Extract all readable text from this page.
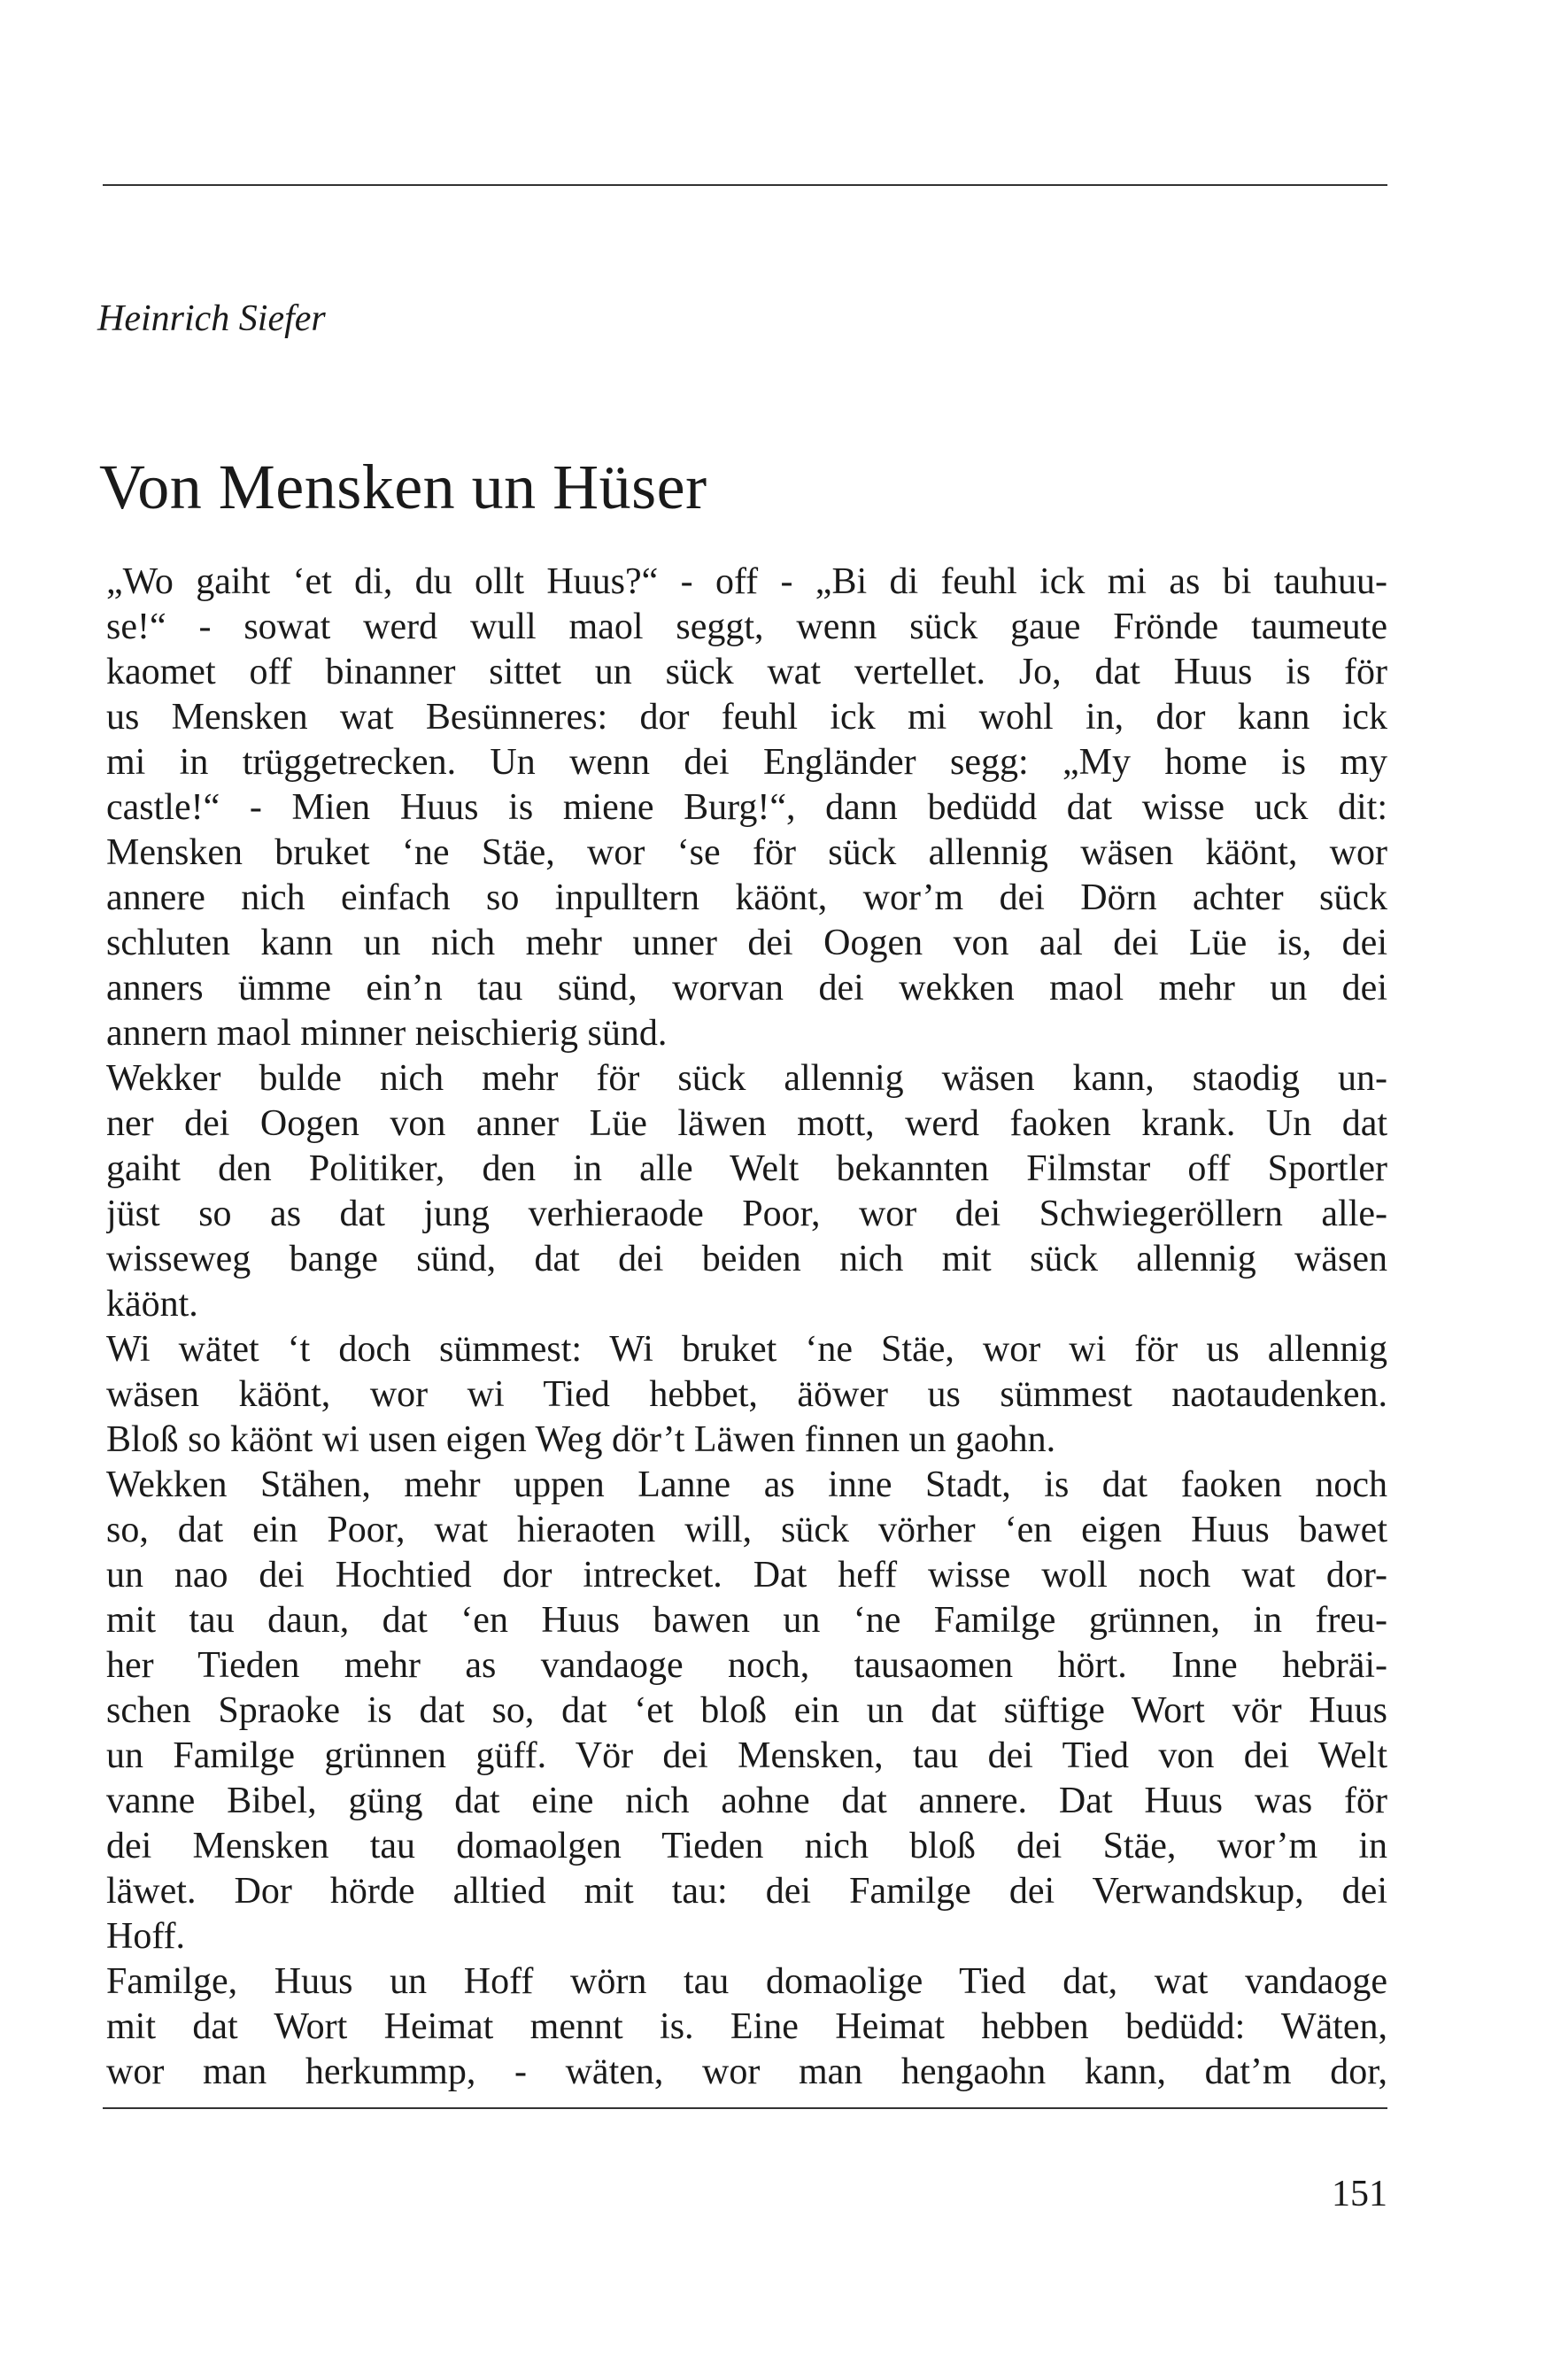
Heinrich Siefer
Von Mensken un Hüser
„Wo gaiht ‘et di, du ollt Huus?“ - off - „Bi di feuhl ick mi as bi tauhuu-
se!“ - sowat werd wull maol seggt, wenn sück gaue Frönde taumeute
kaomet off binanner sittet un sück wat vertellet. Jo, dat Huus is för
us Mensken wat Besünneres: dor feuhl ick mi wohl in, dor kann ick
mi in trüggetrecken. Un wenn dei Engländer segg: „My home is my
castle!“ - Mien Huus is miene Burg!“, dann bedüdd dat wisse uck dit:
Mensken bruket ‘ne Stäe, wor ‘se för sück allennig wäsen käönt, wor
annere nich einfach so inpulltern käönt, wor’m dei Dörn achter sück
schluten kann un nich mehr unner dei Oogen von aal dei Lüe is, dei
anners ümme ein’n tau sünd, worvan dei wekken maol mehr un dei
annern maol minner neischierig sünd.
Wekker bulde nich mehr för sück allennig wäsen kann, staodig un-
ner dei Oogen von anner Lüe läwen mott, werd faoken krank. Un dat
gaiht den Politiker, den in alle Welt bekannten Filmstar off Sportler
jüst so as dat jung verhieraode Poor, wor dei Schwiegeröllern alle-
wisseweg bange sünd, dat dei beiden nich mit sück allennig wäsen
käönt.
Wi wätet ‘t doch sümmest: Wi bruket ‘ne Stäe, wor wi för us allennig
wäsen käönt, wor wi Tied hebbet, äöwer us sümmest naotaudenken.
Bloß so käönt wi usen eigen Weg dör’t Läwen finnen un gaohn.
Wekken Stähen, mehr uppen Lanne as inne Stadt, is dat faoken noch
so, dat ein Poor, wat hieraoten will, sück vörher ‘en eigen Huus bawet
un nao dei Hochtied dor intrecket. Dat heff wisse woll noch wat dor-
mit tau daun, dat ‘en Huus bawen un ‘ne Familge grünnen, in freu-
her Tieden mehr as vandaoge noch, tausaomen hört. Inne hebräi-
schen Spraoke is dat so, dat ‘et bloß ein un dat süftige Wort vör Huus
un Familge grünnen güff. Vör dei Mensken, tau dei Tied von dei Welt
vanne Bibel, güng dat eine nich aohne dat annere. Dat Huus was för
dei Mensken tau domaolgen Tieden nich bloß dei Stäe, wor’m in
läwet. Dor hörde alltied mit tau: dei Familge dei Verwandskup, dei
Hoff.
Familge, Huus un Hoff wörn tau domaolige Tied dat, wat vandaoge
mit dat Wort Heimat mennt is. Eine Heimat hebben bedüdd: Wäten,
wor man herkummp, - wäten, wor man hengaohn kann, dat’m dor,
151
